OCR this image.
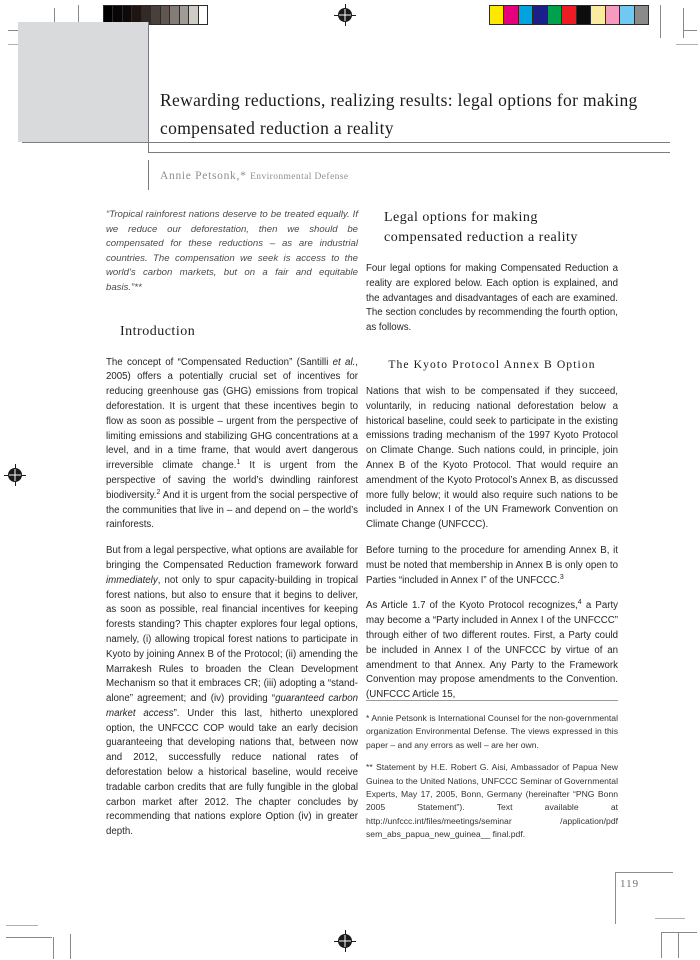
Rewarding reductions, realizing results: legal options for making compensated reduction a reality
Annie Petsonk,* Environmental Defense
“Tropical rainforest nations deserve to be treated equally. If we reduce our deforestation, then we should be compensated for these reductions – as are industrial countries. The compensation we seek is access to the world’s carbon markets, but on a fair and equitable basis.”**
Introduction

The concept of “Compensated Reduction” (Santilli et al., 2005) offers a potentially crucial set of incentives for reducing greenhouse gas (GHG) emissions from tropical deforestation. It is urgent that these incentives begin to flow as soon as possible – urgent from the perspective of limiting emissions and stabilizing GHG concentrations at a level, and in a time frame, that would avert dangerous irreversible climate change.$^1$ It is urgent from the perspective of saving the world’s dwindling rainforest biodiversity.$^2$ And it is urgent from the social perspective of the communities that live in – and depend on – the world’s rainforests.

But from a legal perspective, what options are available for bringing the Compensated Reduction framework forward immediately, not only to spur capacity-building in tropical forest nations, but also to ensure that it begins to deliver, as soon as possible, real financial incentives for keeping forests standing? This chapter explores four legal options, namely, (i) allowing tropical forest nations to participate in Kyoto by joining Annex B of the Protocol; (ii) amending the Marrakesh Rules to broaden the Clean Development Mechanism so that it embraces CR; (iii) adopting a “stand-alone” agreement; and (iv) providing “guaranteed carbon market access”. Under this last, hitherto unexplored option, the UNFCCC COP would take an early decision guaranteeing that developing nations that, between now and 2012, successfully reduce national rates of deforestation below a historical baseline, would receive tradable carbon credits that are fully fungible in the global carbon market after 2012. The chapter concludes by recommending that nations explore Option (iv) in greater depth.

Legal options for making compensated reduction a reality

Four legal options for making Compensated Reduction a reality are explored below. Each option is explained, and the advantages and disadvantages of each are examined. The section concludes by recommending the fourth option, as follows.

The Kyoto Protocol Annex B Option

Nations that wish to be compensated if they succeed, voluntarily, in reducing national deforestation below a historical baseline, could seek to participate in the existing emissions trading mechanism of the 1997 Kyoto Protocol on Climate Change. Such nations could, in principle, join Annex B of the Kyoto Protocol. That would require an amendment of the Kyoto Protocol’s Annex B, as discussed more fully below; it would also require such nations to be included in Annex I of the UN Framework Convention on Climate Change (UNFCCC).

Before turning to the procedure for amending Annex B, it must be noted that membership in Annex B is only open to Parties “included in Annex I” of the UNFCCC.$^3$

As Article 1.7 of the Kyoto Protocol recognizes,$^4$ a Party may become a “Party included in Annex I of the UNFCCC” through either of two different routes. First, a Party could be included in Annex I of the UNFCCC by virtue of an amendment to that Annex. Any Party to the Framework Convention may propose amendments to the Convention. (UNFCCC Article 15,

* Annie Petsonk is International Counsel for the non-governmental organization Environmental Defense. The views expressed in this paper – and any errors as well – are her own.

** Statement by H.E. Robert G. Aisi, Ambassador of Papua New Guinea to the United Nations, UNFCCC Seminar of Governmental Experts, May 17, 2005, Bonn, Germany (hereinafter “PNG Bonn 2005 Statement”). Text available at http://unfccc.int/files/meetings/seminar /application/pdf sem_abs_papua_new_guinea__ final.pdf.

119
